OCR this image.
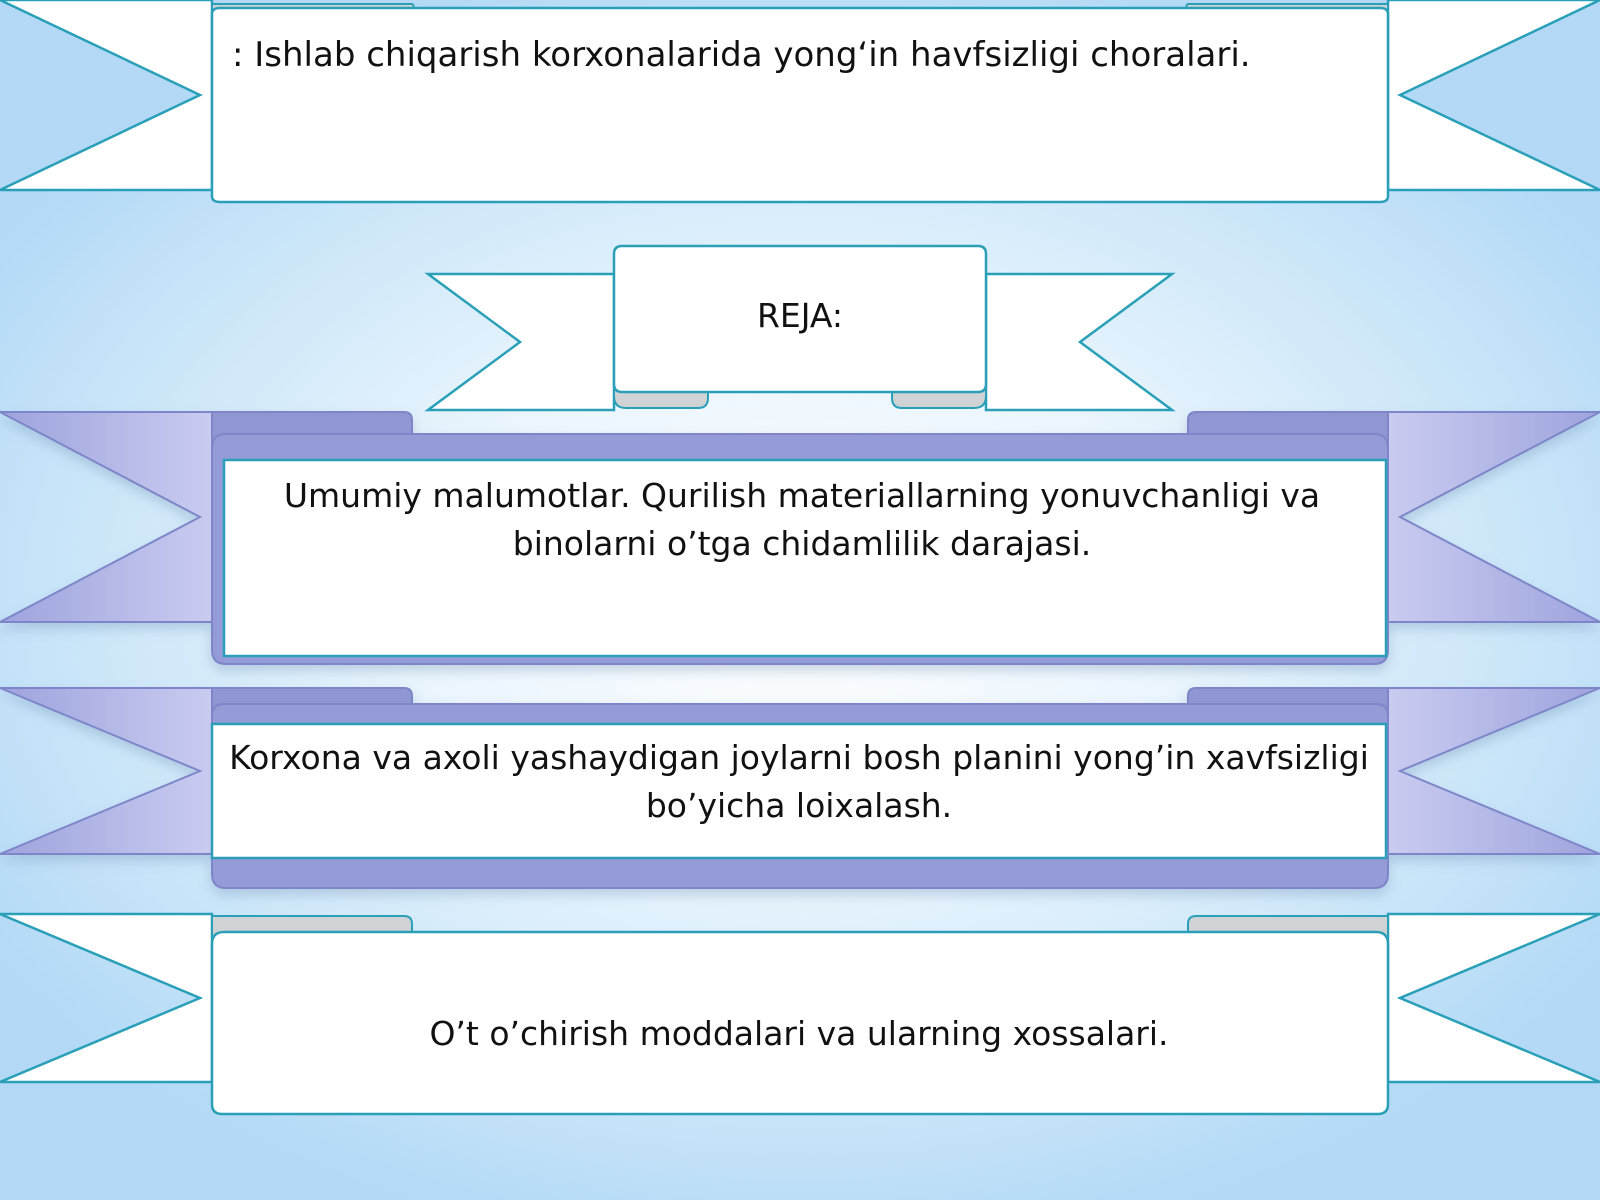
: Ishlab chiqarish korxonalarida yong‘in havfsizligi choralari.

REJA:

Umumiy malumotlar. Qurilish materiallarning yonuvchanligi va binolarni o’tga chidamlilik darajasi.

Korxona va axoli yashaydigan joylarni bosh planini yong’in xavfsizligi bo’yicha loixalash.

O’t o’chirish moddalari va ularning xossalari.
